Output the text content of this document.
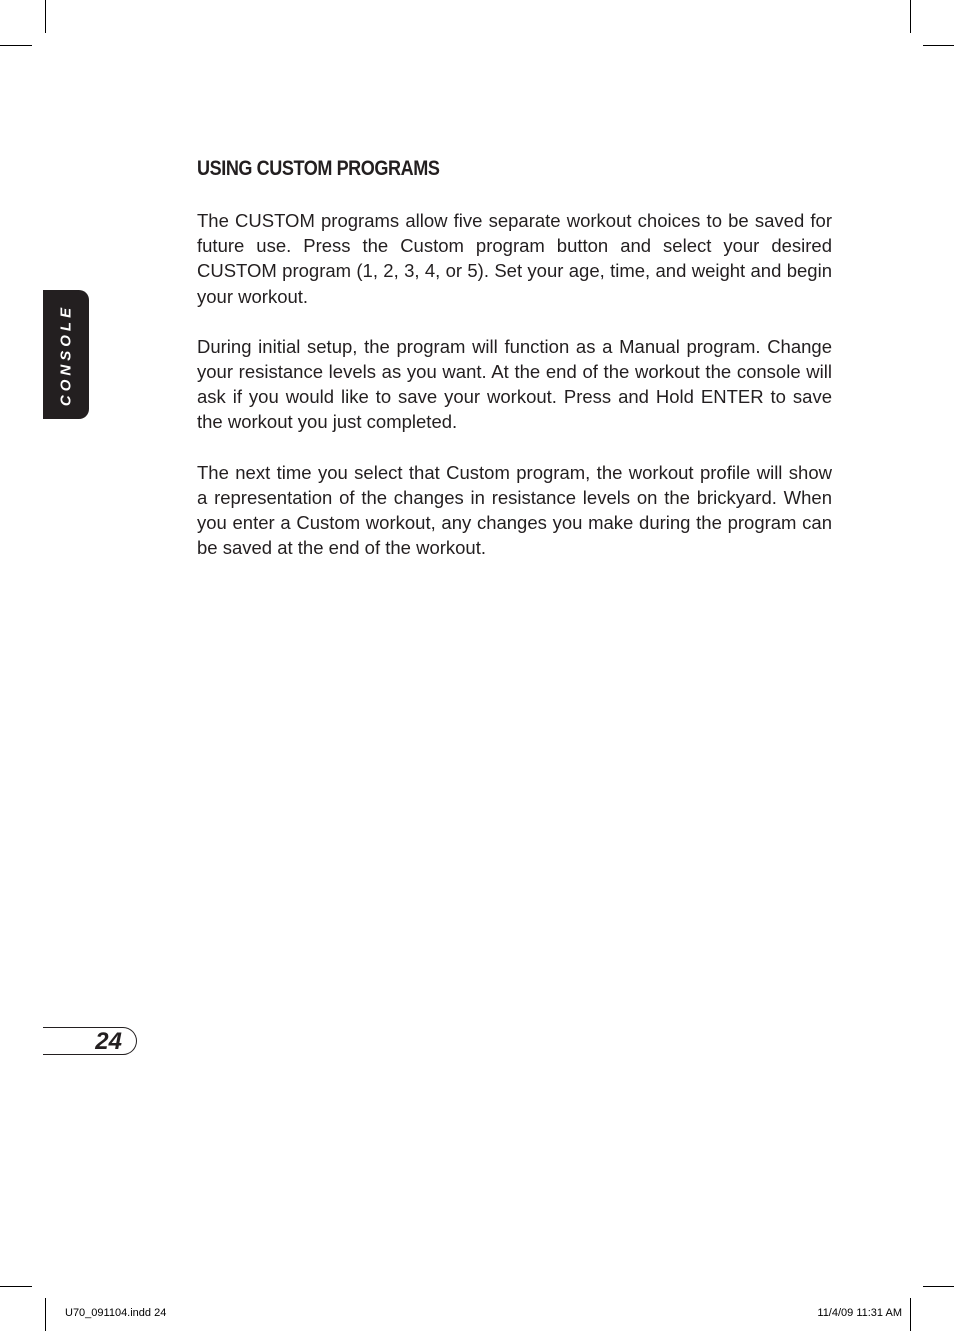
CONSOLE
USING CUSTOM PROGRAMS

The CUSTOM programs allow five separate workout choices to be saved for future use. Press the Custom program button and select your desired CUSTOM program (1, 2, 3, 4, or 5). Set your age, time, and weight and begin your workout.

During initial setup, the program will function as a Manual program. Change your resistance levels as you want. At the end of the workout the console will ask if you would like to save your workout. Press and Hold ENTER to save the workout you just completed.

The next time you select that Custom program, the workout profile will show a representation of the changes in resistance levels on the brickyard. When you enter a Custom workout, any changes you make during the program can be saved at the end of the workout.

24
U70_091104.indd 24	11/4/09 11:31 AM
